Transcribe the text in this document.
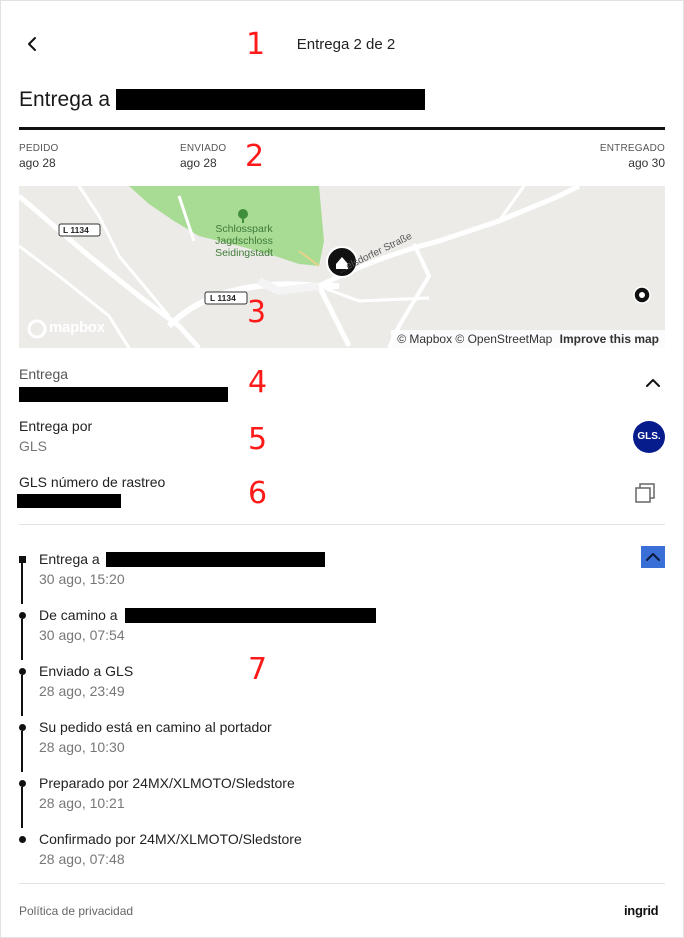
Entrega 2 de 2
1
Entrega a
PEDIDO
ago 28
ENVIADO
ago 28
ENTREGADO
ago 30
2
Schlosspark
Jagdschloss
Seidingstadt
L 1134
L 1134
...elsdorfer Straße
mapbox
© Mapbox © OpenStreetMap Improve this map
3
Entrega	4
Entrega por
GLS
GLS.
5
GLS número de rastreo	6
Entrega a
30 ago, 15:20
De camino a
30 ago, 07:54
Enviado a GLS
28 ago, 23:49
7
Su pedido está en camino al portador
28 ago, 10:30
Preparado por 24MX/XLMOTO/Sledstore
28 ago, 10:21
Confirmado por 24MX/XLMOTO/Sledstore
28 ago, 07:48
Política de privacidad	ingrid
